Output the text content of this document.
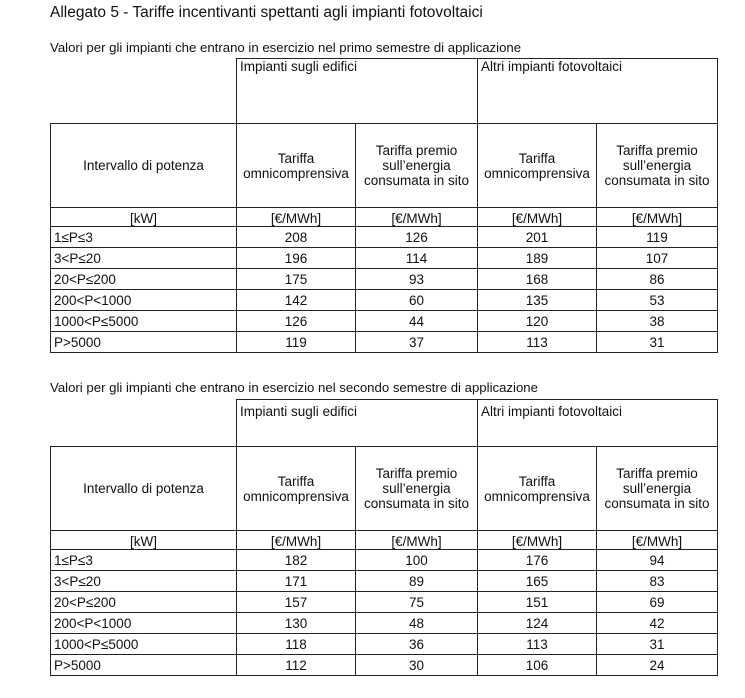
Allegato 5 - Tariffe incentivanti spettanti agli impianti fotovoltaici
Valori per gli impianti che entrano in esercizio nel primo semestre di applicazione
	Impianti sugli edifici		Altri impianti fotovoltaici	
Intervallo di potenza	Tariffa omnicomprensiva	Tariffa premio sull’energia consumata in sito	Tariffa omnicomprensiva	Tariffa premio sull’energia consumata in sito
[kW]	[€/MWh]	[€/MWh]	[€/MWh]	[€/MWh]
1≤P≤3	208	126	201	119
3<P≤20	196	114	189	107
20<P≤200	175	93	168	86
200<P<1000	142	60	135	53
1000<P≤5000	126	44	120	38
P>5000	119	37	113	31
Valori per gli impianti che entrano in esercizio nel secondo semestre di applicazione
	Impianti sugli edifici		Altri impianti fotovoltaici	
Intervallo di potenza	Tariffa omnicomprensiva	Tariffa premio sull’energia consumata in sito	Tariffa omnicomprensiva	Tariffa premio sull’energia consumata in sito
[kW]	[€/MWh]	[€/MWh]	[€/MWh]	[€/MWh]
1≤P≤3	182	100	176	94
3<P≤20	171	89	165	83
20<P≤200	157	75	151	69
200<P<1000	130	48	124	42
1000<P≤5000	118	36	113	31
P>5000	112	30	106	24
